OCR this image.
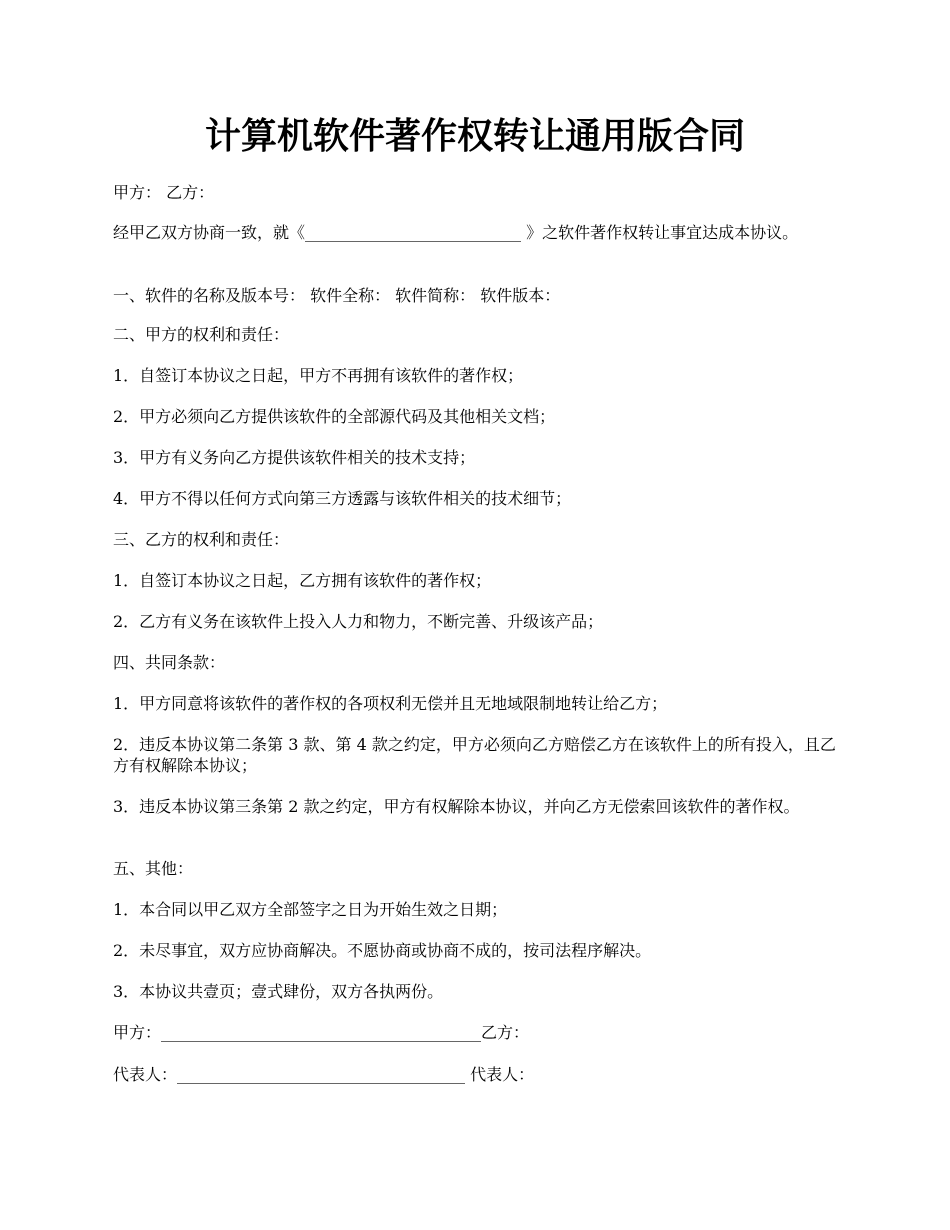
计算机软件著作权转让通用版合同

甲方： 乙方：

经甲乙双方协商一致，就《___________________________ 》之软件著作权转让事宜达成本协议。

一、软件的名称及版本号： 软件全称： 软件简称： 软件版本：

二、甲方的权利和责任：

1．自签订本协议之日起，甲方不再拥有该软件的著作权；

2．甲方必须向乙方提供该软件的全部源代码及其他相关文档；

3．甲方有义务向乙方提供该软件相关的技术支持；

4．甲方不得以任何方式向第三方透露与该软件相关的技术细节；

三、乙方的权利和责任：

1．自签订本协议之日起，乙方拥有该软件的著作权；

2．乙方有义务在该软件上投入人力和物力，不断完善、升级该产品；

四、共同条款：

1．甲方同意将该软件的著作权的各项权利无偿并且无地域限制地转让给乙方；

2．违反本协议第二条第 3 款、第 4 款之约定，甲方必须向乙方赔偿乙方在该软件上的所有投入，且乙方有权解除本协议；

3．违反本协议第三条第 2 款之约定，甲方有权解除本协议，并向乙方无偿索回该软件的著作权。

五、其他：

1．本合同以甲乙双方全部签字之日为开始生效之日期；

2．未尽事宜，双方应协商解决。不愿协商或协商不成的，按司法程序解决。

3．本协议共壹页；壹式肆份，双方各执两份。

甲方：________________________________________乙方：

代表人：____________________________________ 代表人：
